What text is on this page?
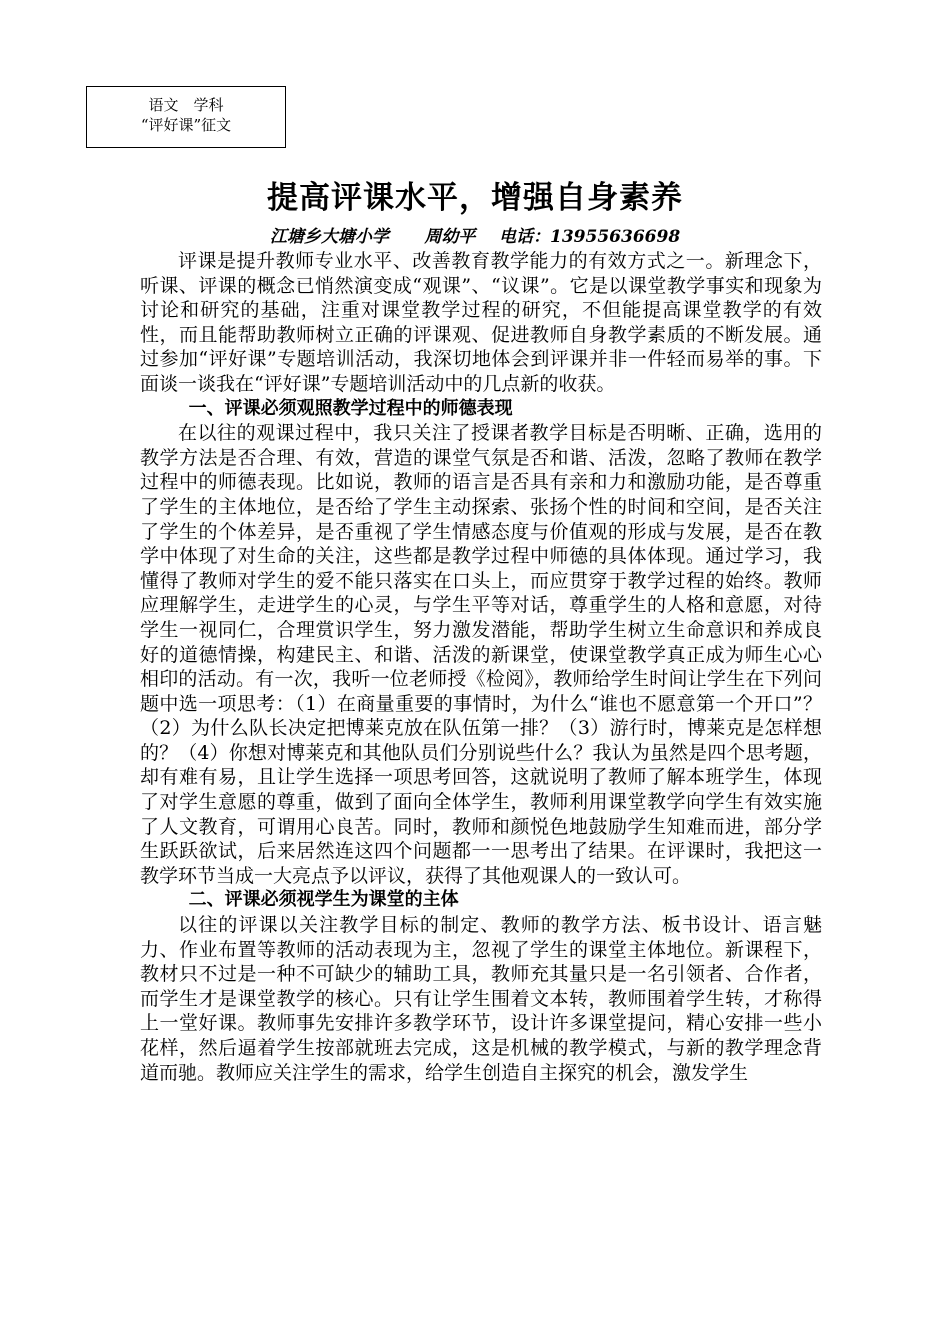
语文　学科
“评好课”征文
提高评课水平，增强自身素养
江塘乡大塘小学      周幼平    电话：13955636698

评课是提升教师专业水平、改善教育教学能力的有效方式之一。新理念下，听课、评课的概念已悄然演变成“观课”、“议课”。它是以课堂教学事实和现象为讨论和研究的基础，注重对课堂教学过程的研究，不但能提高课堂教学的有效性，而且能帮助教师树立正确的评课观、促进教师自身教学素质的不断发展。通过参加“评好课”专题培训活动，我深切地体会到评课并非一件轻而易举的事。下面谈一谈我在“评好课”专题培训活动中的几点新的收获。

一、评课必须观照教学过程中的师德表现

在以往的观课过程中，我只关注了授课者教学目标是否明晰、正确，选用的教学方法是否合理、有效，营造的课堂气氛是否和谐、活泼，忽略了教师在教学过程中的师德表现。比如说，教师的语言是否具有亲和力和激励功能，是否尊重了学生的主体地位，是否给了学生主动探索、张扬个性的时间和空间，是否关注了学生的个体差异，是否重视了学生情感态度与价值观的形成与发展，是否在教学中体现了对生命的关注，这些都是教学过程中师德的具体体现。通过学习，我懂得了教师对学生的爱不能只落实在口头上，而应贯穿于教学过程的始终。教师应理解学生，走进学生的心灵，与学生平等对话，尊重学生的人格和意愿，对待学生一视同仁，合理赏识学生，努力激发潜能，帮助学生树立生命意识和养成良好的道德情操，构建民主、和谐、活泼的新课堂，使课堂教学真正成为师生心心相印的活动。有一次，我听一位老师授《检阅》，教师给学生时间让学生在下列问题中选一项思考：（1）在商量重要的事情时，为什么“谁也不愿意第一个开口”？（2）为什么队长决定把博莱克放在队伍第一排？（3）游行时，博莱克是怎样想的？（4）你想对博莱克和其他队员们分别说些什么？我认为虽然是四个思考题，却有难有易，且让学生选择一项思考回答，这就说明了教师了解本班学生，体现了对学生意愿的尊重，做到了面向全体学生，教师利用课堂教学向学生有效实施了人文教育，可谓用心良苦。同时，教师和颜悦色地鼓励学生知难而进，部分学生跃跃欲试，后来居然连这四个问题都一一思考出了结果。在评课时，我把这一教学环节当成一大亮点予以评议，获得了其他观课人的一致认可。

二、评课必须视学生为课堂的主体

以往的评课以关注教学目标的制定、教师的教学方法、板书设计、语言魅力、作业布置等教师的活动表现为主，忽视了学生的课堂主体地位。新课程下，教材只不过是一种不可缺少的辅助工具，教师充其量只是一名引领者、合作者，而学生才是课堂教学的核心。只有让学生围着文本转，教师围着学生转，才称得上一堂好课。教师事先安排许多教学环节，设计许多课堂提问，精心安排一些小花样，然后逼着学生按部就班去完成，这是机械的教学模式，与新的教学理念背道而驰。教师应关注学生的需求，给学生创造自主探究的机会，激发学生
